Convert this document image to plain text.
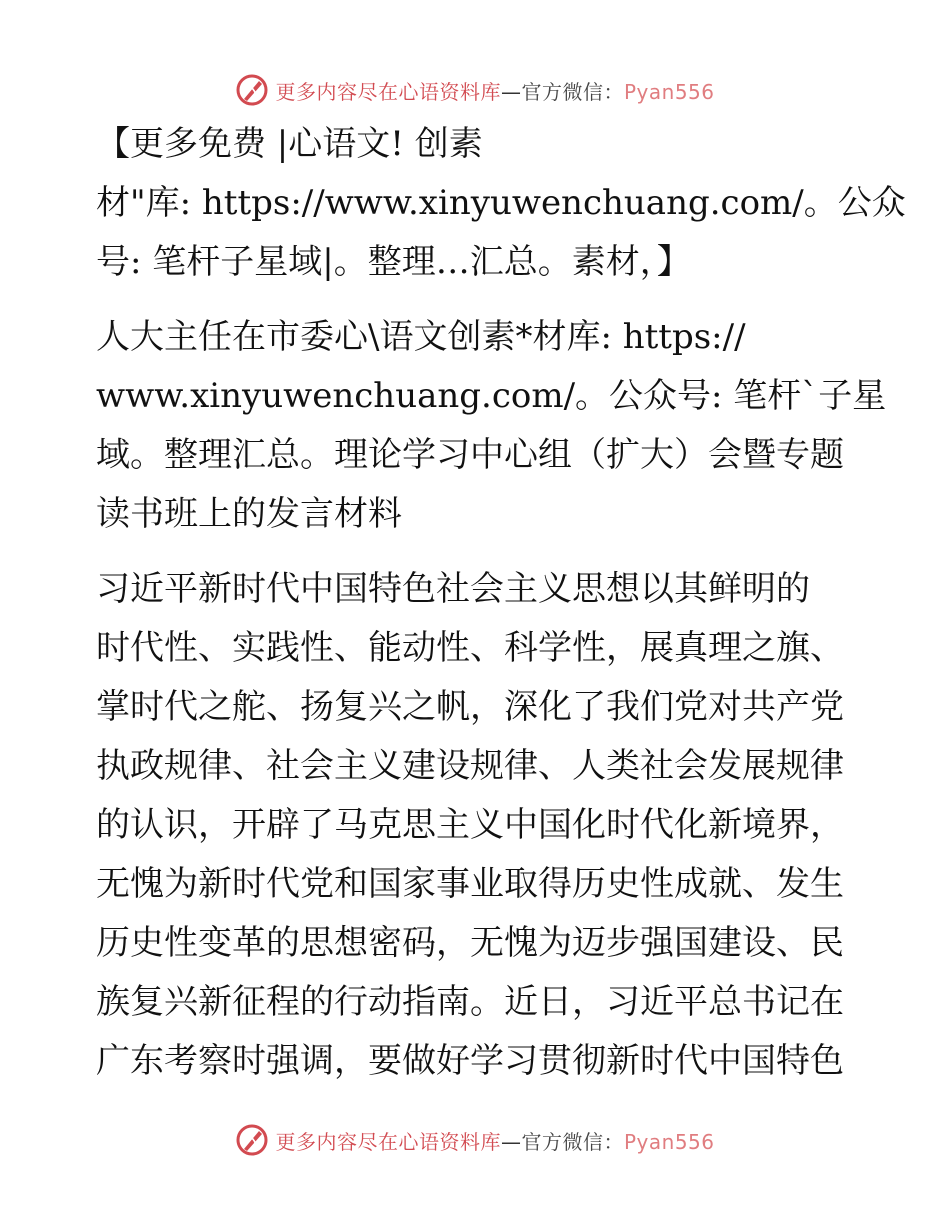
更多内容尽在心语资料库—官方微信：Pyan556
【更多免费 |心语文! 创素
材"库: https://www.xinyuwenchuang.com/。公众
号: 笔杆子星域|。整理…汇总。素材，】
人大主任在市委心\语文创素*材库: https://
www.xinyuwenchuang.com/。公众号: 笔杆`子星
域。整理汇总。理论学习中心组（扩大）会暨专题
读书班上的发言材料
习近平新时代中国特色社会主义思想以其鲜明的
时代性、实践性、能动性、科学性，展真理之旗、
掌时代之舵、扬复兴之帆，深化了我们党对共产党
执政规律、社会主义建设规律、人类社会发展规律
的认识，开辟了马克思主义中国化时代化新境界，
无愧为新时代党和国家事业取得历史性成就、发生
历史性变革的思想密码，无愧为迈步强国建设、民
族复兴新征程的行动指南。近日，习近平总书记在
广东考察时强调，要做好学习贯彻新时代中国特色
更多内容尽在心语资料库—官方微信：Pyan556
